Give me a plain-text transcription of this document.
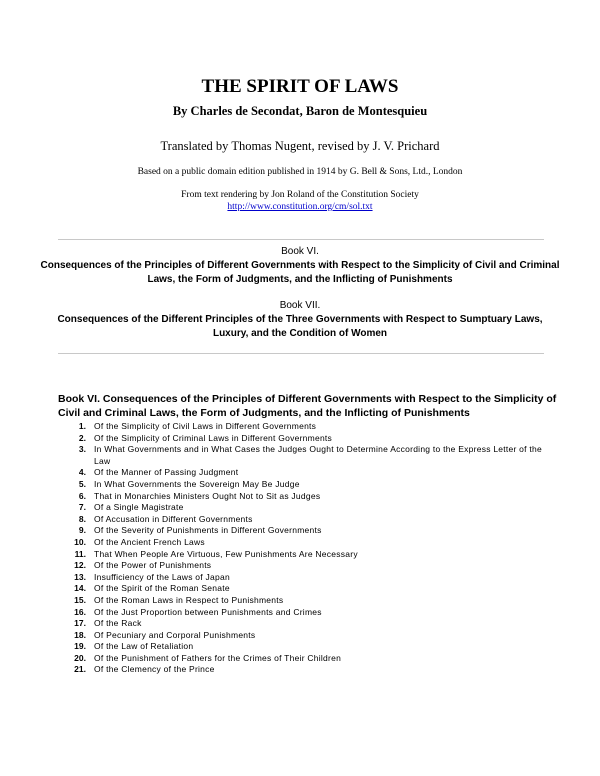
THE SPIRIT OF LAWS
By Charles de Secondat, Baron de Montesquieu
Translated by Thomas Nugent, revised by J. V. Prichard
Based on a public domain edition published in 1914 by G. Bell & Sons, Ltd., London
From text rendering by Jon Roland of the Constitution Society
http://www.constitution.org/cm/sol.txt
Book VI.
Consequences of the Principles of Different Governments with Respect to the Simplicity of Civil and Criminal Laws, the Form of Judgments, and the Inflicting of Punishments
Book VII.
Consequences of the Different Principles of the Three Governments with Respect to Sumptuary Laws, Luxury, and the Condition of Women
Book VI. Consequences of the Principles of Different Governments with Respect to the Simplicity of Civil and Criminal Laws, the Form of Judgments, and the Inflicting of Punishments
1. Of the Simplicity of Civil Laws in Different Governments
2. Of the Simplicity of Criminal Laws in Different Governments
3. In What Governments and in What Cases the Judges Ought to Determine According to the Express Letter of the Law
4. Of the Manner of Passing Judgment
5. In What Governments the Sovereign May Be Judge
6. That in Monarchies Ministers Ought Not to Sit as Judges
7. Of a Single Magistrate
8. Of Accusation in Different Governments
9. Of the Severity of Punishments in Different Governments
10. Of the Ancient French Laws
11. That When People Are Virtuous, Few Punishments Are Necessary
12. Of the Power of Punishments
13. Insufficiency of the Laws of Japan
14. Of the Spirit of the Roman Senate
15. Of the Roman Laws in Respect to Punishments
16. Of the Just Proportion between Punishments and Crimes
17. Of the Rack
18. Of Pecuniary and Corporal Punishments
19. Of the Law of Retaliation
20. Of the Punishment of Fathers for the Crimes of Their Children
21. Of the Clemency of the Prince
